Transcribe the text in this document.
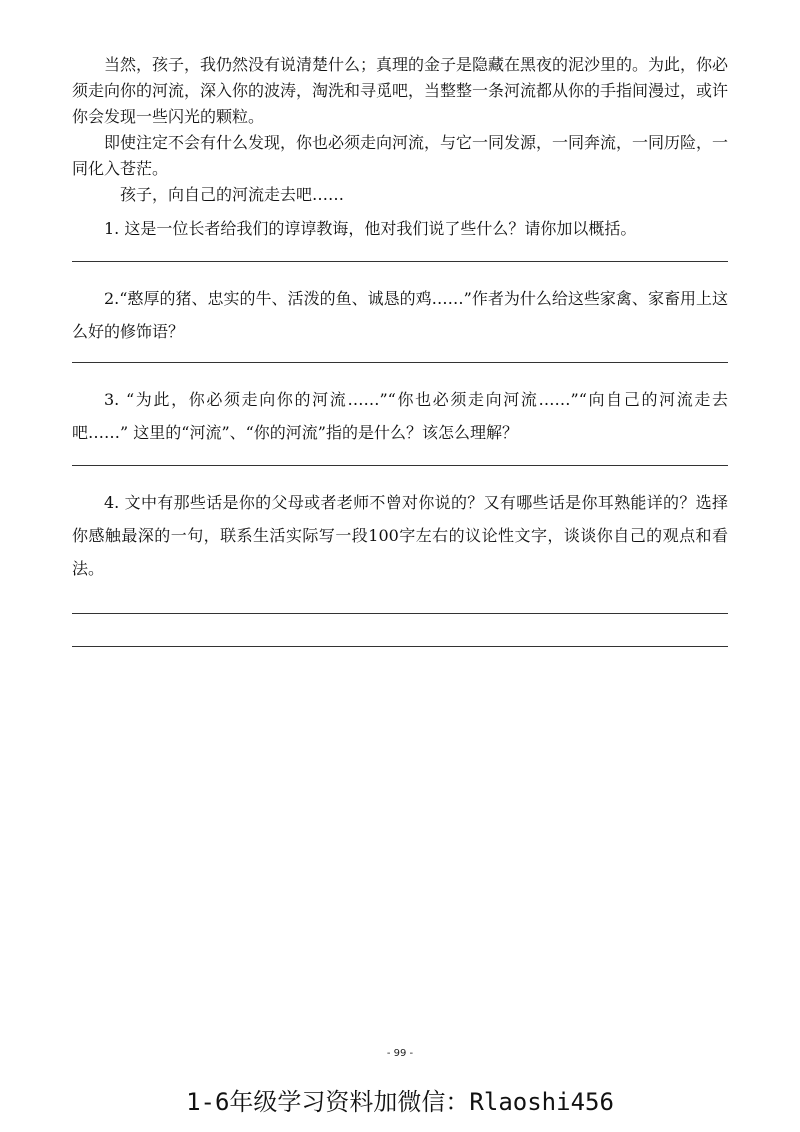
当然，孩子，我仍然没有说清楚什么；真理的金子是隐藏在黑夜的泥沙里的。为此，你必须走向你的河流，深入你的波涛，淘洗和寻觅吧，当整整一条河流都从你的手指间漫过，或许你会发现一些闪光的颗粒。

即使注定不会有什么发现，你也必须走向河流，与它一同发源，一同奔流，一同历险，一同化入苍茫。

孩子，向自己的河流走去吧……

1. 这是一位长者给我们的谆谆教诲，他对我们说了些什么？请你加以概括。

2.“憨厚的猪、忠实的牛、活泼的鱼、诚恳的鸡……”作者为什么给这些家禽、家畜用上这么好的修饰语？

3. “为此，你必须走向你的河流……”“你也必须走向河流……”“向自己的河流走去吧……” 这里的“河流”、“你的河流”指的是什么？该怎么理解？

4. 文中有那些话是你的父母或者老师不曾对你说的？又有哪些话是你耳熟能详的？选择你感触最深的一句，联系生活实际写一段100字左右的议论性文字，谈谈你自己的观点和看法。

- 99 -
1-6年级学习资料加微信：Rlaoshi456
